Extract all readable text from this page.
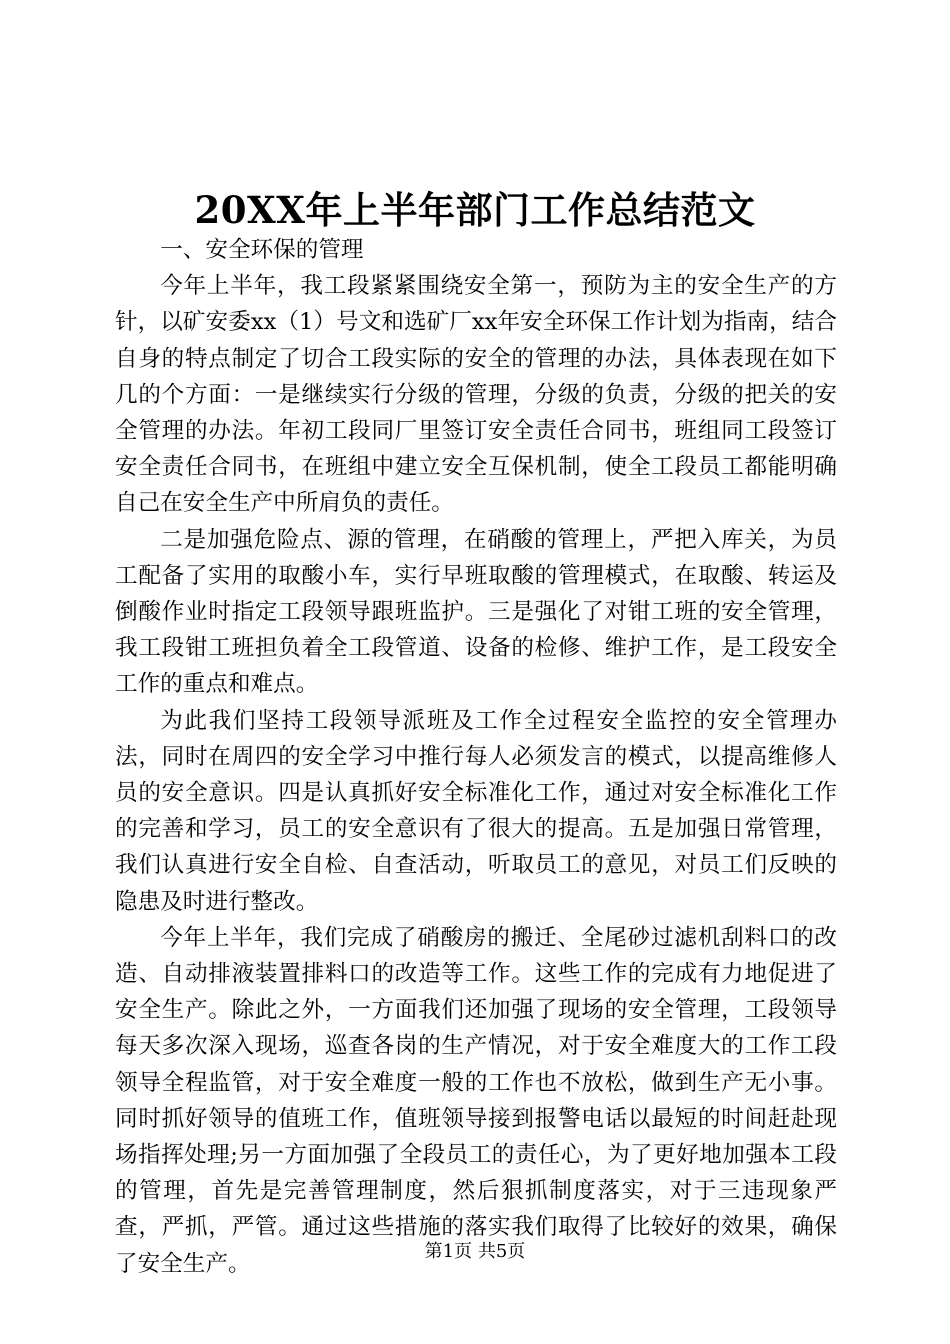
20XX年上半年部门工作总结范文

一、安全环保的管理

今年上半年，我工段紧紧围绕安全第一，预防为主的安全生产的方针，以矿安委xx（1）号文和选矿厂xx年安全环保工作计划为指南，结合自身的特点制定了切合工段实际的安全的管理的办法，具体表现在如下几的个方面：一是继续实行分级的管理，分级的负责，分级的把关的安全管理的办法。年初工段同厂里签订安全责任合同书，班组同工段签订安全责任合同书，在班组中建立安全互保机制，使全工段员工都能明确自己在安全生产中所肩负的责任。

二是加强危险点、源的管理，在硝酸的管理上，严把入库关，为员工配备了实用的取酸小车，实行早班取酸的管理模式，在取酸、转运及倒酸作业时指定工段领导跟班监护。三是强化了对钳工班的安全管理，我工段钳工班担负着全工段管道、设备的检修、维护工作，是工段安全工作的重点和难点。

为此我们坚持工段领导派班及工作全过程安全监控的安全管理办法，同时在周四的安全学习中推行每人必须发言的模式，以提高维修人员的安全意识。四是认真抓好安全标准化工作，通过对安全标准化工作的完善和学习，员工的安全意识有了很大的提高。五是加强日常管理，我们认真进行安全自检、自查活动，听取员工的意见，对员工们反映的隐患及时进行整改。

今年上半年，我们完成了硝酸房的搬迁、全尾砂过滤机刮料口的改造、自动排液装置排料口的改造等工作。这些工作的完成有力地促进了安全生产。除此之外，一方面我们还加强了现场的安全管理，工段领导每天多次深入现场，巡查各岗的生产情况，对于安全难度大的工作工段领导全程监管，对于安全难度一般的工作也不放松，做到生产无小事。同时抓好领导的值班工作，值班领导接到报警电话以最短的时间赶赴现场指挥处理;另一方面加强了全段员工的责任心，为了更好地加强本工段的管理，首先是完善管理制度，然后狠抓制度落实，对于三违现象严查，严抓，严管。通过这些措施的落实我们取得了比较好的效果，确保了安全生产。	第1页 共5页
